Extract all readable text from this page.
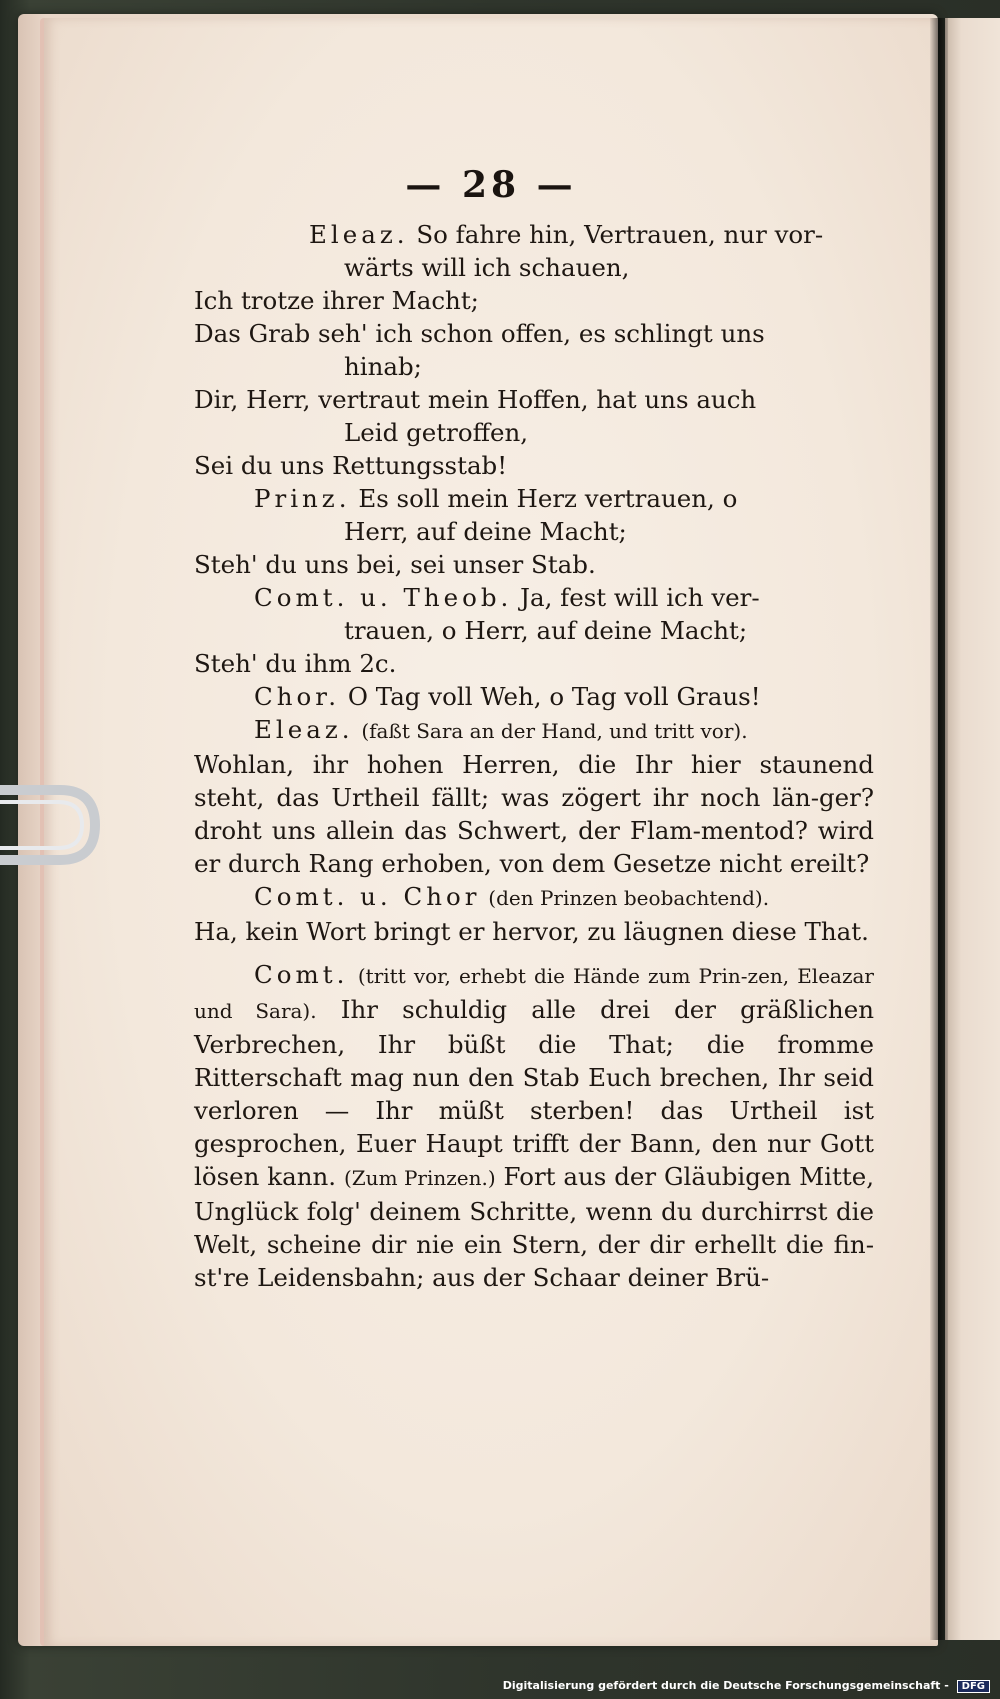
— 28 —
Eleaz. So fahre hin, Vertrauen, nur vor-
wärts will ich schauen,
Ich trotze ihrer Macht;
Das Grab seh' ich schon offen, es schlingt uns
hinab;
Dir, Herr, vertraut mein Hoffen, hat uns auch
Leid getroffen,
Sei du uns Rettungsstab!
Prinz. Es soll mein Herz vertrauen, o
Herr, auf deine Macht;
Steh' du uns bei, sei unser Stab.
Comt. u. Theob. Ja, fest will ich ver-
trauen, o Herr, auf deine Macht;
Steh' du ihm 2c.
Chor. O Tag voll Weh, o Tag voll Graus!
Eleaz. (faßt Sara an der Hand, und tritt vor).
Wohlan, ihr hohen Herren, die Ihr hier staunend steht, das Urtheil fällt; was zögert ihr noch län-ger? droht uns allein das Schwert, der Flam-mentod? wird er durch Rang erhoben, von dem Gesetze nicht ereilt?
Comt. u. Chor (den Prinzen beobachtend).
Ha, kein Wort bringt er hervor, zu läugnen diese That.
Comt. (tritt vor, erhebt die Hände zum Prin-zen, Eleazar und Sara). Ihr schuldig alle drei der gräßlichen Verbrechen, Ihr büßt die That; die fromme Ritterschaft mag nun den Stab Euch brechen, Ihr seid verloren — Ihr müßt sterben! das Urtheil ist gesprochen, Euer Haupt trifft der Bann, den nur Gott lösen kann. (Zum Prinzen.) Fort aus der Gläubigen Mitte, Unglück folg' deinem Schritte, wenn du durchirrst die Welt, scheine dir nie ein Stern, der dir erhellt die fin-st're Leidensbahn; aus der Schaar deiner Brü-
Digitalisierung gefördert durch die Deutsche Forschungsgemeinschaft - DFG
